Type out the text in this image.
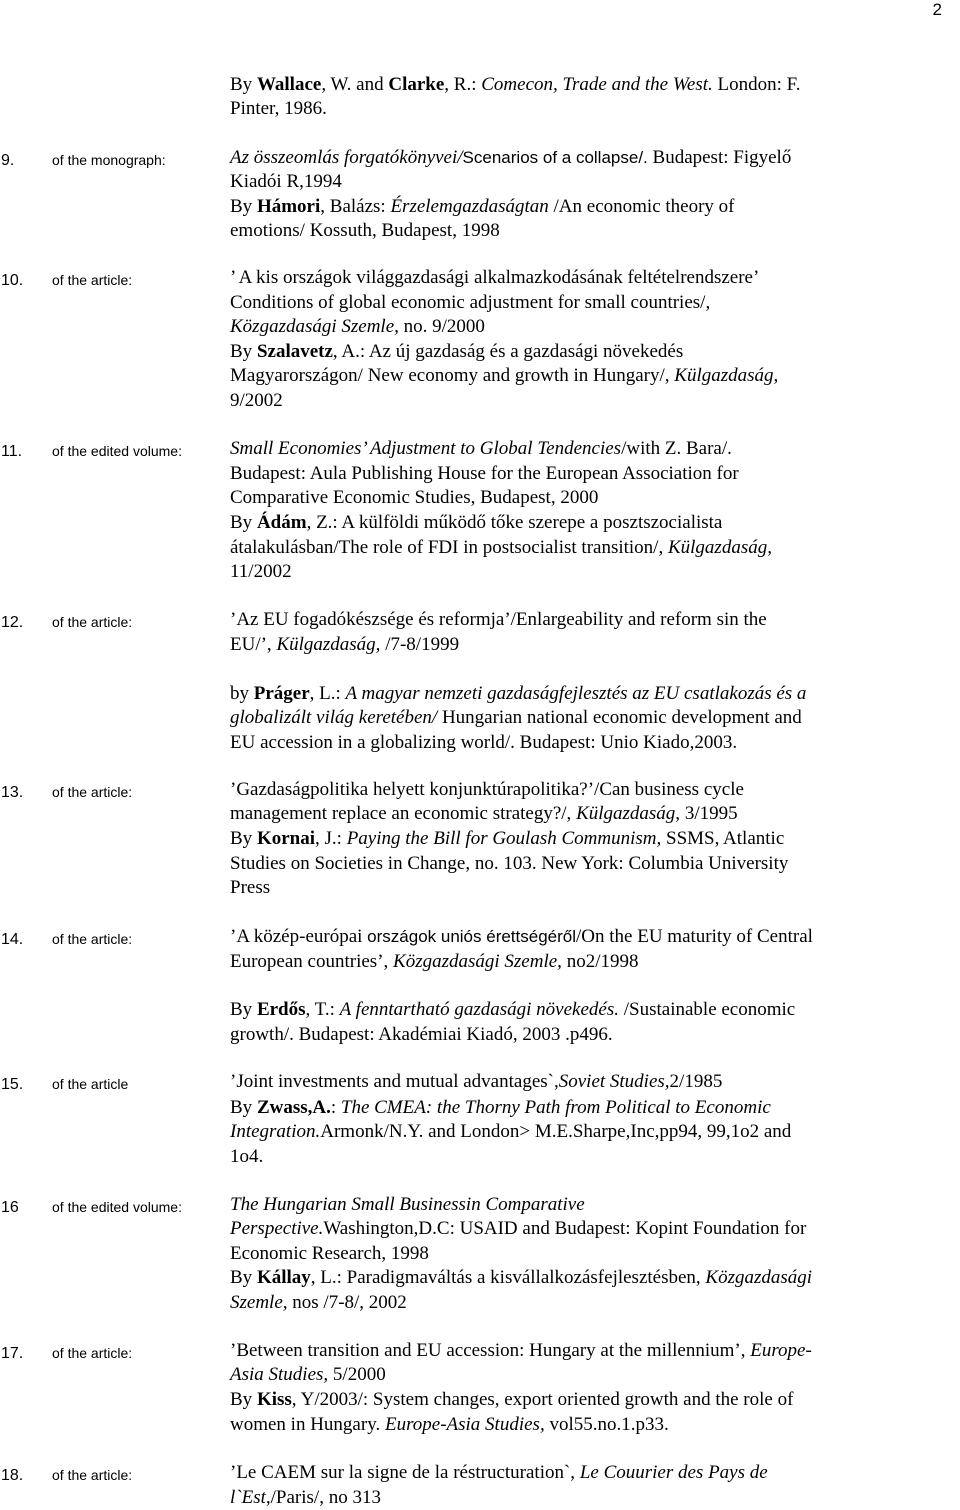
2
By Wallace, W. and Clarke, R.: Comecon, Trade and the West. London: F.
Pinter, 1986.
9.	of the monograph:	Az összeomlás forgatókönyvei/Scenarios of a collapse/. Budapest: Figyelő
Kiadói R,1994
By Hámori, Balázs: Érzelemgazdaságtan /An economic theory of
emotions/ Kossuth, Budapest, 1998
10. of the article:	’ A kis országok világgazdasági alkalmazkodásának feltételrendszere’
Conditions of global economic adjustment for small countries/,
Közgazdasági Szemle, no. 9/2000
By Szalavetz, A.: Az új gazdaság és a gazdasági növekedés
Magyarországon/ New economy and growth in Hungary/, Külgazdaság,
9/2002
11. of the edited volume:	Small Economies’ Adjustment to Global Tendencies/with Z. Bara/.
Budapest: Aula Publishing House for the European Association for
Comparative Economic Studies, Budapest, 2000
By Ádám, Z.: A külföldi működő tőke szerepe a posztszocialista
átalakulásban/The role of FDI in postsocialist transition/, Külgazdaság,
11/2002
12. of the article:	’Az EU fogadókészsége és reformja’/Enlargeability and reform sin the
EU/’, Külgazdaság, /7-8/1999
by Práger, L.: A magyar nemzeti gazdaságfejlesztés az EU csatlakozás és a
globalizált világ keretében/ Hungarian national economic development and
EU accession in a globalizing world/. Budapest: Unio Kiado,2003.
13. of the article:	’Gazdaságpolitika helyett konjunktúrapolitika?’/Can business cycle
management replace an economic strategy?/, Külgazdaság, 3/1995
By Kornai, J.: Paying the Bill for Goulash Communism, SSMS, Atlantic
Studies on Societies in Change, no. 103. New York: Columbia University
Press
14. of the article:	’A közép-európai országok uniós érettségéről/On the EU maturity of Central
European countries’, Közgazdasági Szemle, no2/1998
By Erdős, T.: A fenntartható gazdasági növekedés. /Sustainable economic
growth/. Budapest: Akadémiai Kiadó, 2003 .p496.
15. of the article	’Joint investments and mutual advantages`,Soviet Studies,2/1985
By Zwass,A.: The CMEA: the Thorny Path from Political to Economic
Integration.Armonk/N.Y. and London> M.E.Sharpe,Inc,pp94, 99,1o2 and
1o4.
16 of the edited volume:	The Hungarian Small Businessin Comparative
Perspective.Washington,D.C: USAID and Budapest: Kopint Foundation for
Economic Research, 1998
By Kállay, L.: Paradigmaváltás a kisvállalkozásfejlesztésben, Közgazdasági
Szemle, nos /7-8/, 2002
17. of the article:	’Between transition and EU accession: Hungary at the millennium’, Europe-
Asia Studies, 5/2000
By Kiss, Y/2003/: System changes, export oriented growth and the role of
women in Hungary. Europe-Asia Studies, vol55.no.1.p33.
18. of the article:	’Le CAEM sur la signe de la réstructuration`, Le Couurier des Pays de
l`Est,/Paris/, no 313
